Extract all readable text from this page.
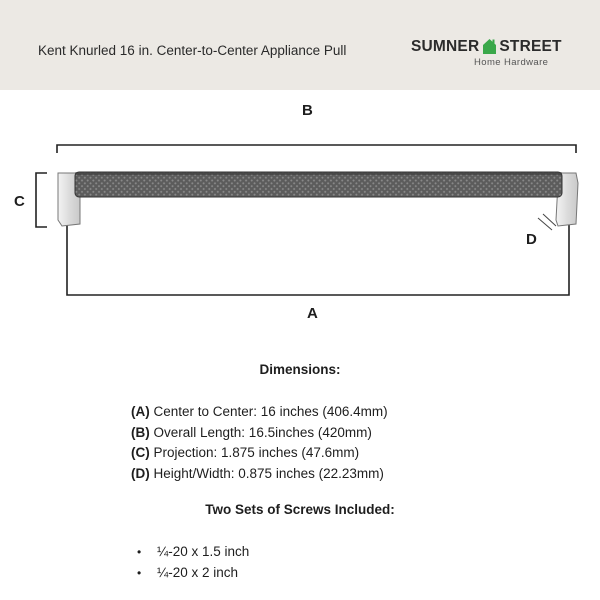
Kent Knurled 16 in. Center-to-Center Appliance Pull	SUMNER STREET
Home Hardware
B
C
D
A
Dimensions:
(A) Center to Center: 16 inches (406.4mm)
(B) Overall Length: 16.5inches (420mm)
(C) Projection: 1.875 inches (47.6mm)
(D) Height/Width: 0.875 inches (22.23mm)
Two Sets of Screws Included:
• ¼-20 x 1.5 inch
• ¼-20 x 2 inch
